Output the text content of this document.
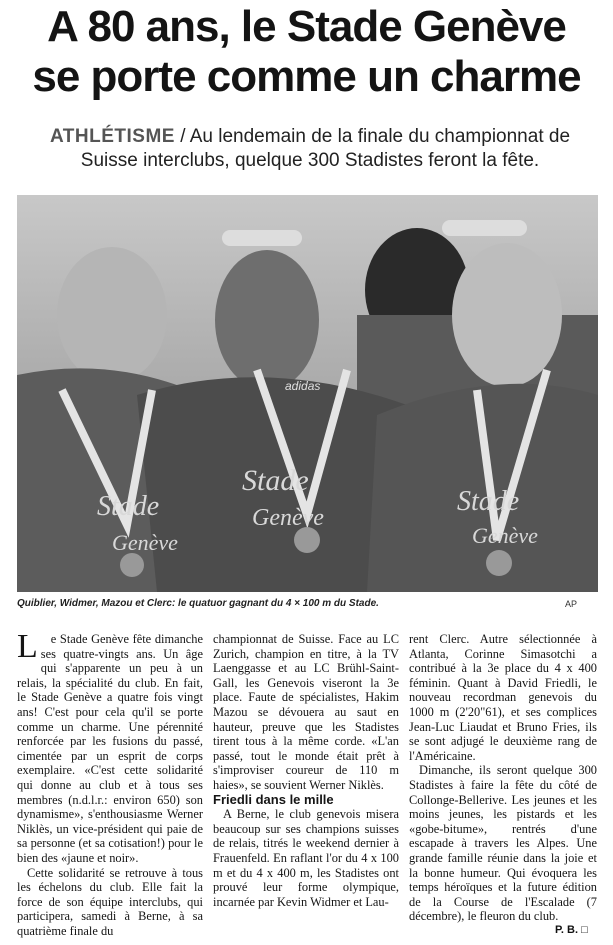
A 80 ans, le Stade Genève
se porte comme un charme
ATHLÉTISME / Au lendemain de la finale du championnat de Suisse interclubs, quelque 300 Stadistes feront la fête.
Stade
Genève
Stade
Genève
Stade
Genève
adidas
Quiblier, Widmer, Mazou et Clerc: le quatuor gagnant du 4 × 100 m du Stade.	AP

L e Stade Genève fête dimanche ses quatre-vingts ans. Un âge qui s'apparente un peu à un relais, la spécialité du club. En fait, le Stade Genève a quatre fois vingt ans! C'est pour cela qu'il se porte comme un charme. Une pérennité renforcée par les fusions du passé, cimentée par un esprit de corps exemplaire. «C'est cette solidarité qui donne au club et à tous ses membres (n.d.l.r.: environ 650) son dynamisme», s'enthousiasme Werner Niklès, un vice-président qui paie de sa personne (et sa cotisation!) pour le bien des «jaune et noir».

Cette solidarité se retrouve à tous les échelons du club. Elle fait la force de son équipe interclubs, qui participera, samedi à Berne, à sa quatrième finale du

championnat de Suisse. Face au LC Zurich, champion en titre, à la TV Laenggasse et au LC Brühl-Saint-Gall, les Genevois viseront la 3e place. Faute de spécialistes, Hakim Mazou se dévouera au saut en hauteur, preuve que les Stadistes tirent tous à la même corde. «L'an passé, tout le monde était prêt à s'improviser coureur de 110 m haies», se souvient Werner Niklès.

Friedli dans le mille

A Berne, le club genevois misera beaucoup sur ses champions suisses de relais, titrés le weekend dernier à Frauenfeld. En raflant l'or du 4 x 100 m et du 4 x 400 m, les Stadistes ont prouvé leur forme olympique, incarnée par Kevin Widmer et Lau-

rent Clerc. Autre sélectionnée à Atlanta, Corinne Simasotchi a contribué à la 3e place du 4 x 400 féminin. Quant à David Friedli, le nouveau recordman genevois du 1000 m (2'20"61), et ses complices Jean-Luc Liaudat et Bruno Fries, ils se sont adjugé le deuxième rang de l'Américaine.

Dimanche, ils seront quelque 300 Stadistes à faire la fête du côté de Collonge-Bellerive. Les jeunes et les moins jeunes, les pistards et les «gobe-bitume», rentrés d'une escapade à travers les Alpes. Une grande famille réunie dans la joie et la bonne humeur. Qui évoquera les temps héroïques et la future édition de la Course de l'Escalade (7 décembre), le fleuron du club.

P. B. □
